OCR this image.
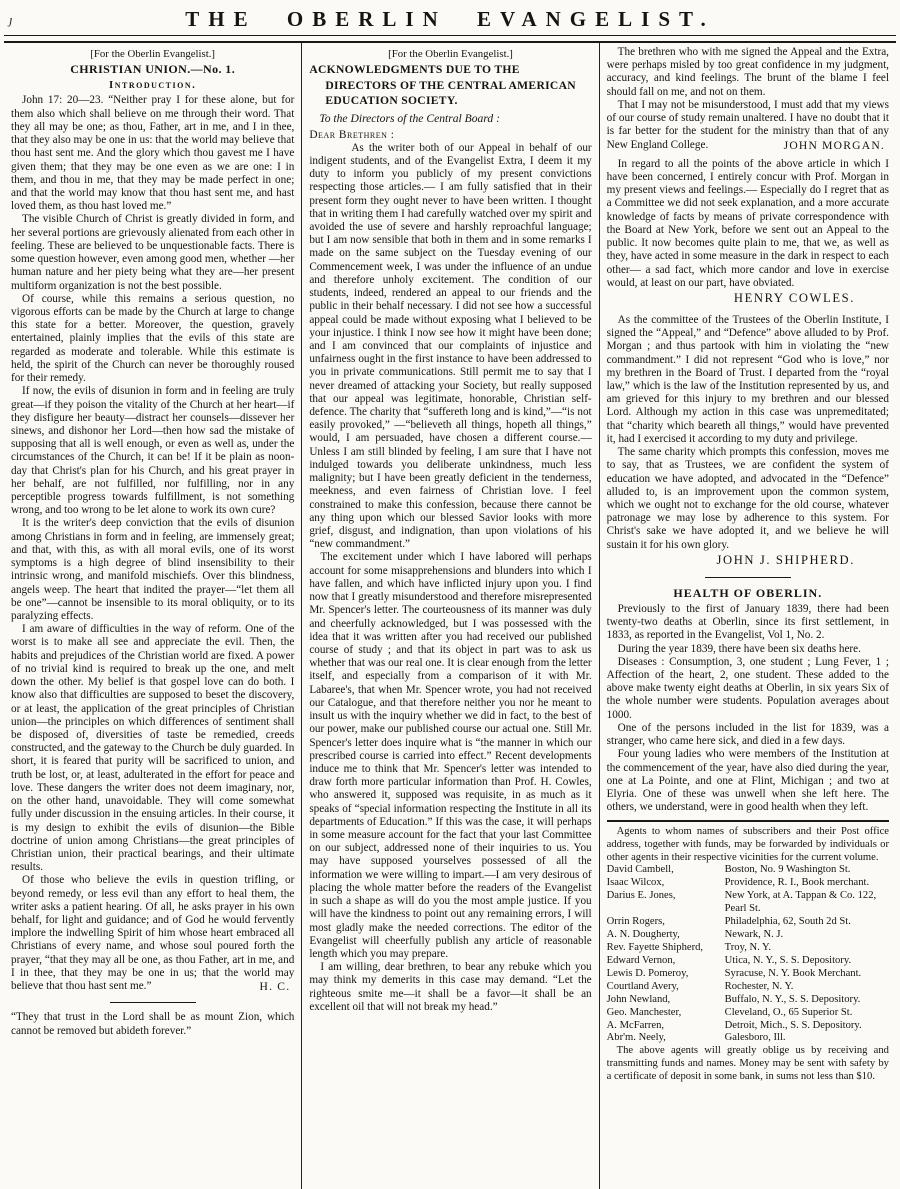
ȷ	THE OBERLIN EVANGELIST.
[For the Oberlin Evangelist.]
CHRISTIAN UNION.—No. 1.
Introduction.

John 17: 20—23. “Neither pray I for these alone, but for them also which shall believe on me through their word. That they all may be one; as thou, Father, art in me, and I in thee, that they also may be one in us: that the world may believe that thou hast sent me. And the glory which thou gavest me I have given them; that they may be one even as we are one: I in them, and thou in me, that they may be made perfect in one; and that the world may know that thou hast sent me, and hast loved them, as thou hast loved me.”

The visible Church of Christ is greatly divided in form, and her several portions are grievously alienated from each other in feeling. These are believed to be unquestionable facts. There is some question however, even among good men, whether —her human nature and her piety being what they are—her present multiform organization is not the best possible.

Of course, while this remains a serious question, no vigorous efforts can be made by the Church at large to change this state for a better. Moreover, the question, gravely entertained, plainly implies that the evils of this state are regarded as moderate and tolerable. While this estimate is held, the spirit of the Church can never be thoroughly roused for their remedy.

If now, the evils of disunion in form and in feeling are truly great—if they poison the vitality of the Church at her heart—if they disfigure her beauty—distract her counsels—dissever her sinews, and dishonor her Lord—then how sad the mistake of supposing that all is well enough, or even as well as, under the circumstances of the Church, it can be! If it be plain as noon-day that Christ's plan for his Church, and his great prayer in her behalf, are not fulfilled, nor fulfilling, nor in any perceptible progress towards fulfillment, is not something wrong, and too wrong to be let alone to work its own cure?

It is the writer's deep conviction that the evils of disunion among Christians in form and in feeling, are immensely great; and that, with this, as with all moral evils, one of its worst symptoms is a high degree of blind insensibility to their intrinsic wrong, and manifold mischiefs. Over this blindness, angels weep. The heart that indited the prayer—“let them all be one”—cannot be insensible to its moral obliquity, or to its paralyzing effects.

I am aware of difficulties in the way of reform. One of the worst is to make all see and appreciate the evil. Then, the habits and prejudices of the Christian world are fixed. A power of no trivial kind is required to break up the one, and melt down the other. My belief is that gospel love can do both. I know also that difficulties are supposed to beset the discovery, or at least, the application of the great principles of Christian union—the principles on which differences of sentiment shall be disposed of, diversities of taste be remedied, creeds constructed, and the gateway to the Church be duly guarded. In short, it is feared that purity will be sacrificed to union, and truth be lost, or, at least, adulterated in the effort for peace and love. These dangers the writer does not deem imaginary, nor, on the other hand, unavoidable. They will come somewhat fully under discussion in the ensuing articles. In their course, it is my design to exhibit the evils of disunion—the Bible doctrine of union among Christians—the great principles of Christian union, their practical bearings, and their ultimate results.

Of those who believe the evils in question trifling, or beyond remedy, or less evil than any effort to heal them, the writer asks a patient hearing. Of all, he asks prayer in his own behalf, for light and guidance; and of God he would fervently implore the indwelling Spirit of him whose heart embraced all Christians of every name, and whose soul poured forth the prayer, “that they may all be one, as thou Father, art in me, and I in thee, that they may be one in us; that the world may believe that thou hast sent me.”	H. C.

“They that trust in the Lord shall be as mount Zion, which cannot be removed but abideth forever.”

[For the Oberlin Evangelist.]
ACKNOWLEDGMENTS DUE TO THE DIRECTORS OF THE CENTRAL AMERICAN EDUCATION SOCIETY.
To the Directors of the Central Board :
Dear Brethren :

As the writer both of our Appeal in behalf of our indigent students, and of the Evangelist Extra, I deem it my duty to inform you publicly of my present convictions respecting those articles.— I am fully satisfied that in their present form they ought never to have been written. I thought that in writing them I had carefully watched over my spirit and avoided the use of severe and harshly reproachful language; but I am now sensible that both in them and in some remarks I made on the same subject on the Tuesday evening of our Commencement week, I was under the influence of an undue and therefore unholy excitement. The condition of our students, indeed, rendered an appeal to our friends and the public in their behalf necessary. I did not see how a successful appeal could be made without exposing what I believed to be your injustice. I think I now see how it might have been done; and I am convinced that our complaints of injustice and unfairness ought in the first instance to have been addressed to you in private communications. Still permit me to say that I never dreamed of attacking your Society, but really supposed that our appeal was legitimate, honorable, Christian self-defence. The charity that “suffereth long and is kind,”—“is not easily provoked,” —“believeth all things, hopeth all things,” would, I am persuaded, have chosen a different course.— Unless I am still blinded by feeling, I am sure that I have not indulged towards you deliberate unkindness, much less malignity; but I have been greatly deficient in the tenderness, meekness, and even fairness of Christian love. I feel constrained to make this confession, because there cannot be any thing upon which our blessed Savior looks with more grief, disgust, and indignation, than upon violations of his “new commandment.”

The excitement under which I have labored will perhaps account for some misapprehensions and blunders into which I have fallen, and which have inflicted injury upon you. I find now that I greatly misunderstood and therefore misrepresented Mr. Spencer's letter. The courteousness of its manner was duly and cheerfully acknowledged, but I was possessed with the idea that it was written after you had received our published course of study ; and that its object in part was to ask us whether that was our real one. It is clear enough from the letter itself, and especially from a comparison of it with Mr. Labaree's, that when Mr. Spencer wrote, you had not received our Catalogue, and that therefore neither you nor he meant to insult us with the inquiry whether we did in fact, to the best of our power, make our published course our actual one. Still Mr. Spencer's letter does inquire what is “the manner in which our prescribed course is carried into effect.” Recent developments induce me to think that Mr. Spencer's letter was intended to draw forth more particular information than Prof. H. Cowles, who answered it, supposed was requisite, in as much as it speaks of “special information respecting the Institute in all its departments of Education.” If this was the case, it will perhaps in some measure account for the fact that your last Committee on our subject, addressed none of their inquiries to us. You may have supposed yourselves possessed of all the information we were willing to impart.—I am very desirous of placing the whole matter before the readers of the Evangelist in such a shape as will do you the most ample justice. If you will have the kindness to point out any remaining errors, I will most gladly make the needed corrections. The editor of the Evangelist will cheerfully publish any article of reasonable length which you may prepare.

I am willing, dear brethren, to bear any rebuke which you may think my demerits in this case may demand. “Let the righteous smite me—it shall be a favor—it shall be an excellent oil that will not break my head.”

The brethren who with me signed the Appeal and the Extra, were perhaps misled by too great confidence in my judgment, accuracy, and kind feelings. The brunt of the blame I feel should fall on me, and not on them.

That I may not be misunderstood, I must add that my views of our course of study remain unaltered. I have no doubt that it is far better for the student for the ministry than that of any New England College.	JOHN MORGAN.

In regard to all the points of the above article in which I have been concerned, I entirely concur with Prof. Morgan in my present views and feelings.— Especially do I regret that as a Committee we did not seek explanation, and a more accurate knowledge of facts by means of private correspondence with the Board at New York, before we sent out an Appeal to the public. It now becomes quite plain to me, that we, as well as they, have acted in some measure in the dark in respect to each other— a sad fact, which more candor and love in exercise would, at least on our part, have obviated.

HENRY COWLES.

As the committee of the Trustees of the Oberlin Institute, I signed the “Appeal,” and “Defence” above alluded to by Prof. Morgan ; and thus partook with him in violating the “new commandment.” I did not represent “God who is love,” nor my brethren in the Board of Trust. I departed from the “royal law,” which is the law of the Institution represented by us, and am grieved for this injury to my brethren and our blessed Lord. Although my action in this case was unpremeditated; that “charity which beareth all things,” would have prevented it, had I exercised it according to my duty and privilege.

The same charity which prompts this confession, moves me to say, that as Trustees, we are confident the system of education we have adopted, and advocated in the “Defence” alluded to, is an improvement upon the common system, which we ought not to exchange for the old course, whatever patronage we may lose by adherence to this system. For Christ's sake we have adopted it, and we believe he will sustain it for his own glory.

JOHN J. SHIPHERD.
HEALTH OF OBERLIN.

Previously to the first of January 1839, there had been twenty-two deaths at Oberlin, since its first settlement, in 1833, as reported in the Evangelist, Vol 1, No. 2.

During the year 1839, there have been six deaths here.

Diseases : Consumption, 3, one student ; Lung Fever, 1 ; Affection of the heart, 2, one student. These added to the above make twenty eight deaths at Oberlin, in six years Six of the whole number were students. Population averages about 1000.

One of the persons included in the list for 1839, was a stranger, who came here sick, and died in a few days.

Four young ladies who were members of the Institution at the commencement of the year, have also died during the year, one at La Pointe, and one at Flint, Michigan ; and two at Elyria. One of these was unwell when she left here. The others, we understand, were in good health when they left.

Agents to whom names of subscribers and their Post office address, together with funds, may be forwarded by individuals or other agents in their respective vicinities for the current volume.

David Cambell,	Boston, No. 9 Washington St.
Isaac Wilcox,	Providence, R. I., Book merchant.
Darius E. Jones,	New York, at A. Tappan & Co. 122, Pearl St.
Orrin Rogers,	Philadelphia, 62, South 2d St.
A. N. Dougherty,	Newark, N. J.
Rev. Fayette Shipherd,	Troy, N. Y.
Edward Vernon,	Utica, N. Y., S. S. Depository.
Lewis D. Pomeroy,	Syracuse, N. Y. Book Merchant.
Courtland Avery,	Rochester, N. Y.
John Newland,	Buffalo, N. Y., S. S. Depository.
Geo. Manchester,	Cleveland, O., 65 Superior St.
A. McFarren,	Detroit, Mich., S. S. Depository.
Abr'm. Neely,	Galesboro, Ill.

The above agents will greatly oblige us by receiving and transmitting funds and names. Money may be sent with safety by a certificate of deposit in some bank, in sums not less than $10.
